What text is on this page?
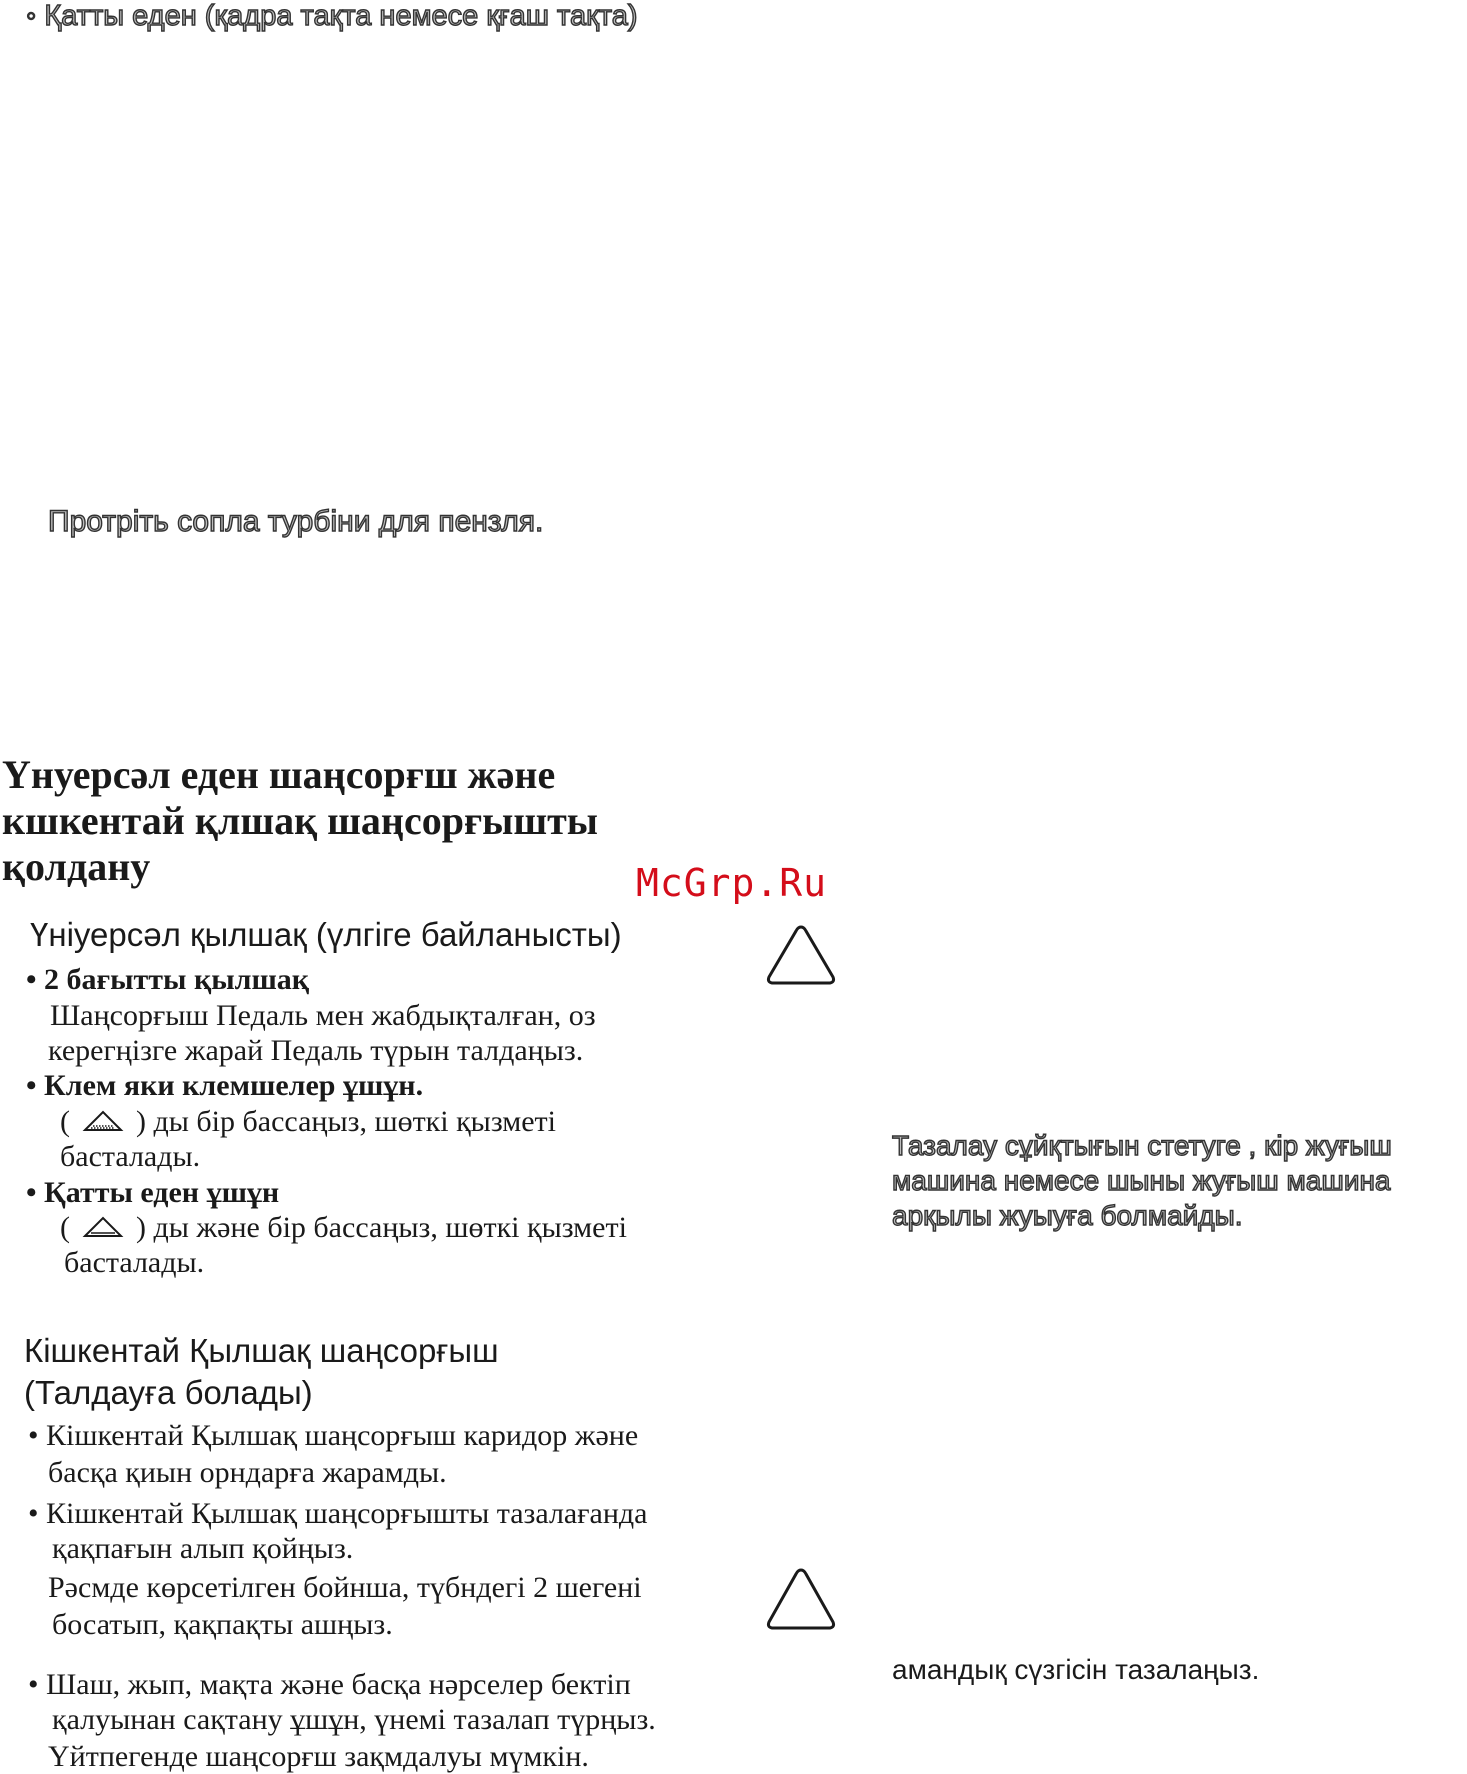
◦ Қатты еден (қадра тақта немесе қғаш тақта)
Протріть сопла турбіни для пензля.
Үнуерсәл еден шаңсорғш жәнe
кшкентай қлшақ шаңсорғышты
қолдану	McGrp.Ru
Үніуерсәл қылшақ (үлгіге байланысты)
• 2 бағытты қылшақ
Шаңсорғыш Педаль мен жабдықталған, оз
керегңізге жарай Педаль түрын талдаңыз.
• Клем яки клемшелер ұшұн.
( ) ды бір бассаңыз, шөткі қызметі
басталады.
• Қатты еден ұшұн
( ) ды және бір бассаңыз, шөткі қызметі
басталады.
Тазалау сұйқтығын стетуге , кір жуғыш
машина немесе шыны жуғыш машина
арқылы жуыуға болмайды.
Кішкентай Қылшақ шаңсорғыш
(Талдауға болады)
• Кішкентай Қылшақ шаңсорғыш каридор және
басқа қиын орндарға жарамды.
• Кішкентай Қылшақ шаңсорғышты тазалағанда
қақпағын алып қойңыз.
Рәсмде көрсетілген бойнша, түбндегі 2 шегені
босатып, қақпақты ашңыз.
• Шаш, жып, мақта және басқа нәрселер бектіп
қалуынан сақтану ұшұн, үнемі тазалап түрңыз.
Үйтпегенде шаңсорғш зақмдалуы мүмкін.
амандық сүзгісін тазалаңыз.
